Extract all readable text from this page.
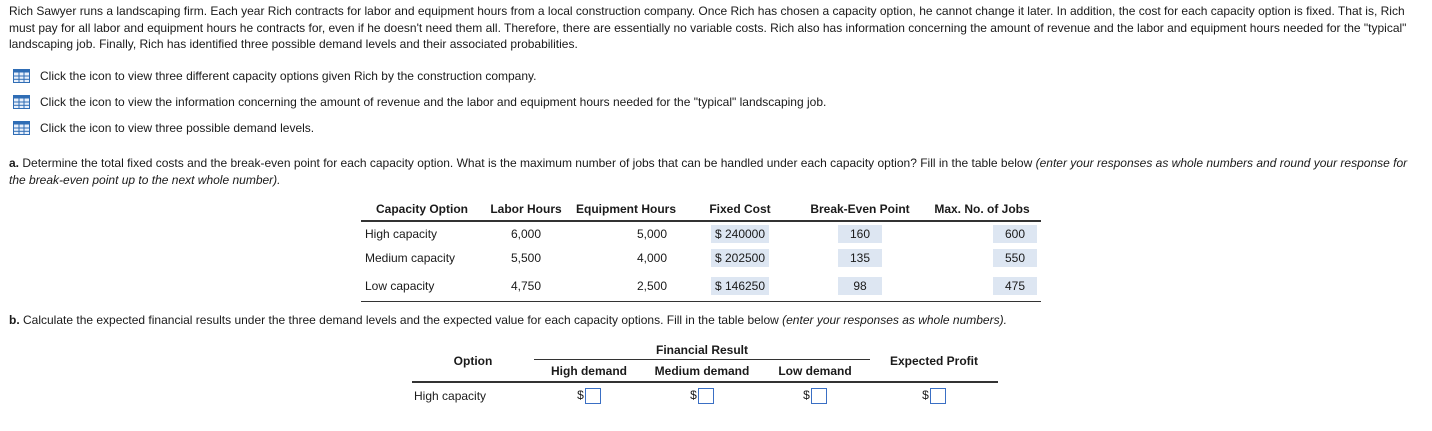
Rich Sawyer runs a landscaping firm. Each year Rich contracts for labor and equipment hours from a local construction company. Once Rich has chosen a capacity option, he cannot change it later. In addition, the cost for each capacity option is fixed. That is, Rich must pay for all labor and equipment hours he contracts for, even if he doesn't need them all. Therefore, there are essentially no variable costs. Rich also has information concerning the amount of revenue and the labor and equipment hours needed for the "typical" landscaping job. Finally, Rich has identified three possible demand levels and their associated probabilities.

Click the icon to view three different capacity options given Rich by the construction company.
Click the icon to view the information concerning the amount of revenue and the labor and equipment hours needed for the "typical" landscaping job.
Click the icon to view three possible demand levels.

a. Determine the total fixed costs and the break-even point for each capacity option. What is the maximum number of jobs that can be handled under each capacity option? Fill in the table below (enter your responses as whole numbers and round your response for the break-even point up to the next whole number).

Capacity Option	Labor Hours	Equipment Hours	Fixed Cost	Break-Even Point	Max. No. of Jobs
High capacity	6,000	5,000	$ 240000	160	600
Medium capacity	5,500	4,000	$ 202500	135	550
Low capacity	4,750	2,500	$ 146250	98	475

b. Calculate the expected financial results under the three demand levels and the expected value for each capacity options. Fill in the table below (enter your responses as whole numbers).

Option	Financial Result			Expected Profit
	High demand	Medium demand	Low demand	
High capacity	$	$	$	$
